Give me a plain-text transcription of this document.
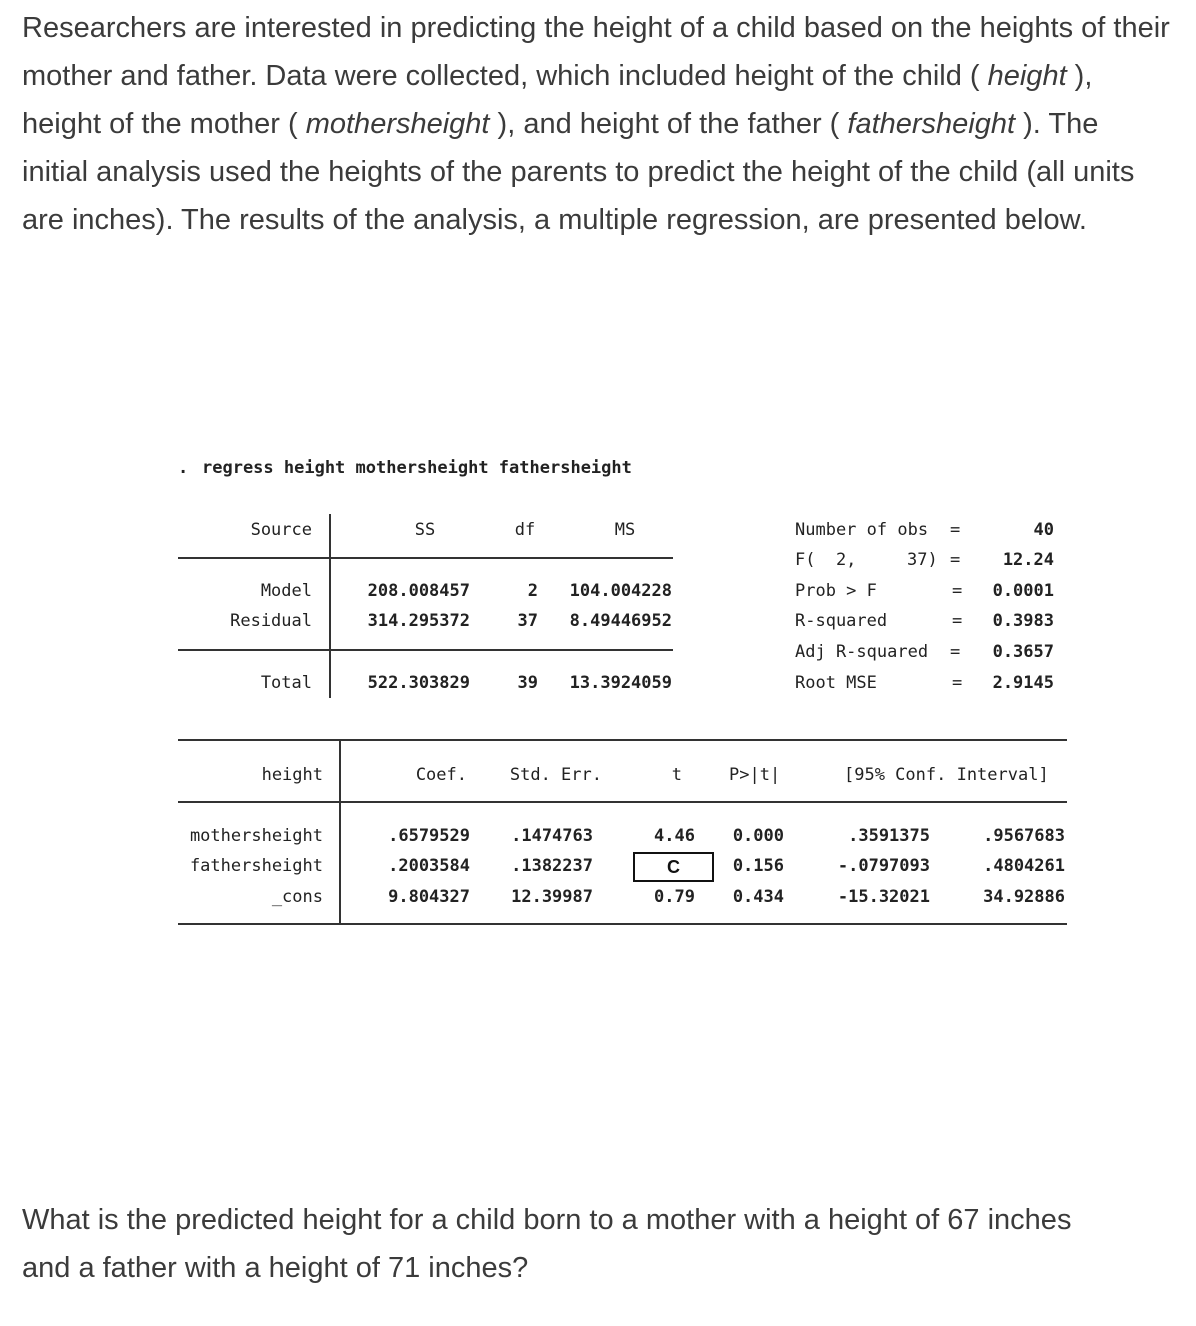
Researchers are interested in predicting the height of a child based on the heights of their mother and father. Data were collected, which included height of the child ( height ), height of the mother ( mothersheight ), and height of the father ( fathersheight ). The initial analysis used the heights of the parents to predict the height of the child (all units are inches). The results of the analysis, a multiple regression, are presented below.

. regress height mothersheight fathersheight
Source	SS	df	MS
Model	208.008457	2	104.004228
Residual	314.295372	37	8.49446952
Total	522.303829	39	13.3924059
Number of obs =	40
F(  2,	37) =	12.24
Prob > F	=	0.0001
R-squared	=	0.3983
Adj R-squared =	0.3657
Root MSE	=	2.9145
height	Coef.	Std. Err.	t	P>|t|	[95% Conf. Interval]
mothersheight	.6579529	.1474763	4.46	0.000	.3591375	.9567683
fathersheight	.2003584	.1382237	C	0.156	-.0797093	.4804261
_cons	9.804327	12.39987	0.79	0.434	-15.32021	34.92886

What is the predicted height for a child born to a mother with a height of 67 inches and a father with a height of 71 inches?
